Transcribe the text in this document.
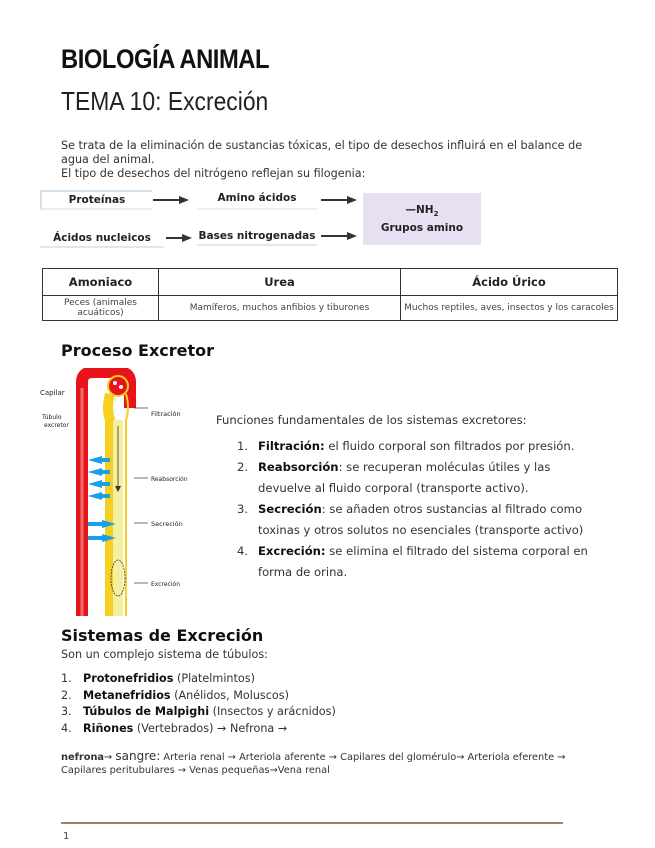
BIOLOGÍA ANIMAL
TEMA 10: Excreción
Se trata de la eliminación de sustancias tóxicas, el tipo de desechos influirá en el balance de agua del animal.
El tipo de desechos del nitrógeno reflejan su filogenia:
Proteínas	Amino ácidos
Ácidos nucleicos	Bases nitrogenadas
$—NH_2$
Grupos amino
Amoniaco	Urea	Ácido Úrico
Peces (animales acuáticos)	Mamíferos, muchos anfibios y tiburones	Muchos reptiles, aves, insectos y los caracoles
Proceso Excretor
Capilar
Túbulo
excretor
Filtración
Reabsorción
Secreción
Excreción
Funciones fundamentales de los sistemas excretores:
1. Filtración: el fluido corporal son filtrados por presión.
2. Reabsorción: se recuperan moléculas útiles y las devuelve al fluido corporal (transporte activo).
3. Secreción: se añaden otros sustancias al filtrado como toxinas y otros solutos no esenciales (transporte activo)
4. Excreción: se elimina el filtrado del sistema corporal en forma de orina.
Sistemas de Excreción
Son un complejo sistema de túbulos:
1. Protonefridios (Platelmintos)
2. Metanefridios (Anélidos, Moluscos)
3. Túbulos de Malpighi (Insectos y arácnidos)
4. Riñones (Vertebrados) → Nefrona →
nefrona→ sangre: Arteria renal → Arteriola aferente → Capilares del glomérulo→ Arteriola eferente → Capilares peritubulares → Venas pequeñas→Vena renal
1
